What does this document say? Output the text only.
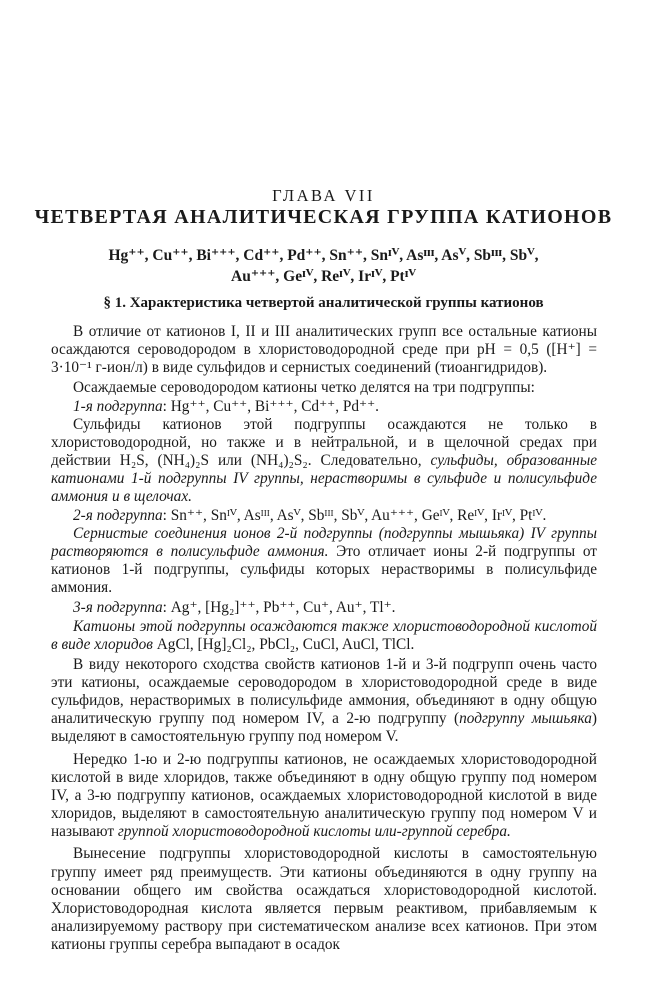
ГЛАВА VII
ЧЕТВЕРТАЯ АНАЛИТИЧЕСКАЯ ГРУППА КАТИОНОВ
Hg⁺⁺, Cu⁺⁺, Bi⁺⁺⁺, Cd⁺⁺, Pd⁺⁺, Sn⁺⁺, Snᴵⱽ, Asᴵᴵᴵ, Asⱽ, Sbᴵᴵᴵ, Sbⱽ,
Au⁺⁺⁺, Geᴵⱽ, Reᴵⱽ, Irᴵⱽ, Ptᴵⱽ
§ 1. Характеристика четвертой аналитической группы катионов

В отличие от катионов I, II и III аналитических групп все остальные катионы осаждаются сероводородом в хлористоводородной среде при pH = 0,5 ([H⁺] = 3·10⁻¹ г-ион/л) в виде сульфидов и сернистых соединений (тиоангидридов).

Осаждаемые сероводородом катионы четко делятся на три подгруппы:

1-я подгруппа: Hg⁺⁺, Cu⁺⁺, Bi⁺⁺⁺, Cd⁺⁺, Pd⁺⁺.

Сульфиды катионов этой подгруппы осаждаются не только в хлористоводородной, но также и в нейтральной, и в щелочной средах при действии H₂S, (NH₄)₂S или (NH₄)₂S₂. Следовательно, сульфиды, образованные катионами 1-й подгруппы IV группы, нерастворимы в сульфиде и полисульфиде аммония и в щелочах.

2-я подгруппа: Sn⁺⁺, Snᴵⱽ, Asᴵᴵᴵ, Asⱽ, Sbᴵᴵᴵ, Sbⱽ, Au⁺⁺⁺, Geᴵⱽ, Reᴵⱽ, Irᴵⱽ, Ptᴵⱽ.

Сернистые соединения ионов 2-й подгруппы (подгруппы мышьяка) IV группы растворяются в полисульфиде аммония. Это отличает ионы 2-й подгруппы от катионов 1-й подгруппы, сульфиды которых нерастворимы в полисульфиде аммония.

3-я подгруппа: Ag⁺, [Hg₂]⁺⁺, Pb⁺⁺, Cu⁺, Au⁺, Tl⁺.

Катионы этой подгруппы осаждаются также хлористоводородной кислотой в виде хлоридов AgCl, [Hg]₂Cl₂, PbCl₂, CuCl, AuCl, TlCl.

В виду некоторого сходства свойств катионов 1-й и 3-й подгрупп очень часто эти катионы, осаждаемые сероводородом в хлористоводородной среде в виде сульфидов, нерастворимых в полисульфиде аммония, объединяют в одну общую аналитическую группу под номером IV, а 2-ю подгруппу (подгруппу мышьяка) выделяют в самостоятельную группу под номером V.

Нередко 1-ю и 2-ю подгруппы катионов, не осаждаемых хлористоводородной кислотой в виде хлоридов, также объединяют в одну общую группу под номером IV, а 3-ю подгруппу катионов, осаждаемых хлористоводородной кислотой в виде хлоридов, выделяют в самостоятельную аналитическую группу под номером V и называют группой хлористоводородной кислоты или-группой серебра.

Вынесение подгруппы хлористоводородной кислоты в самостоятельную группу имеет ряд преимуществ. Эти катионы объединяются в одну группу на основании общего им свойства осаждаться хлористоводородной кислотой. Хлористоводородная кислота является первым реактивом, прибавляемым к анализируемому раствору при систематическом анализе всех катионов. При этом катионы группы серебра выпадают в осадок
